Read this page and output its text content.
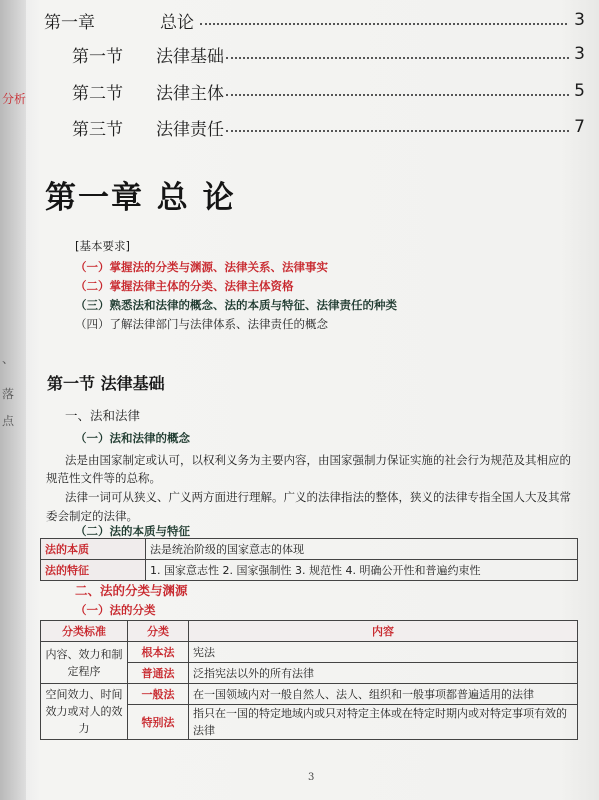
分析
落
点
、
第一章	总论	3
第一节 法律基础	3
第二节 法律主体	5
第三节 法律责任	7
第一章 总 论
[基本要求]
（一）掌握法的分类与渊源、法律关系、法律事实
（二）掌握法律主体的分类、法律主体资格
（三）熟悉法和法律的概念、法的本质与特征、法律责任的种类
（四）了解法律部门与法律体系、法律责任的概念
第一节 法律基础
一、法和法律
（一）法和法律的概念
法是由国家制定或认可，以权利义务为主要内容，由国家强制力保证实施的社会行为规范及其相应的
规范性文件等的总称。
法律一词可从狭义、广义两方面进行理解。广义的法律指法的整体，狭义的法律专指全国人大及其常
委会制定的法律。
（二）法的本质与特征
法的本质	法是统治阶级的国家意志的体现
法的特征	1. 国家意志性 2. 国家强制性 3. 规范性 4. 明确公开性和普遍约束性
二、法的分类与渊源
（一）法的分类
分类标准	分类	内容
内容、效力和制定程序	根本法	宪法
	普通法	泛指宪法以外的所有法律
空间效力、时间效力或对人的效力	一般法	在一国领域内对一般自然人、法人、组织和一般事项都普遍适用的法律
	特别法	指只在一国的特定地域内或只对特定主体或在特定时期内或对特定事项有效的法律
3
